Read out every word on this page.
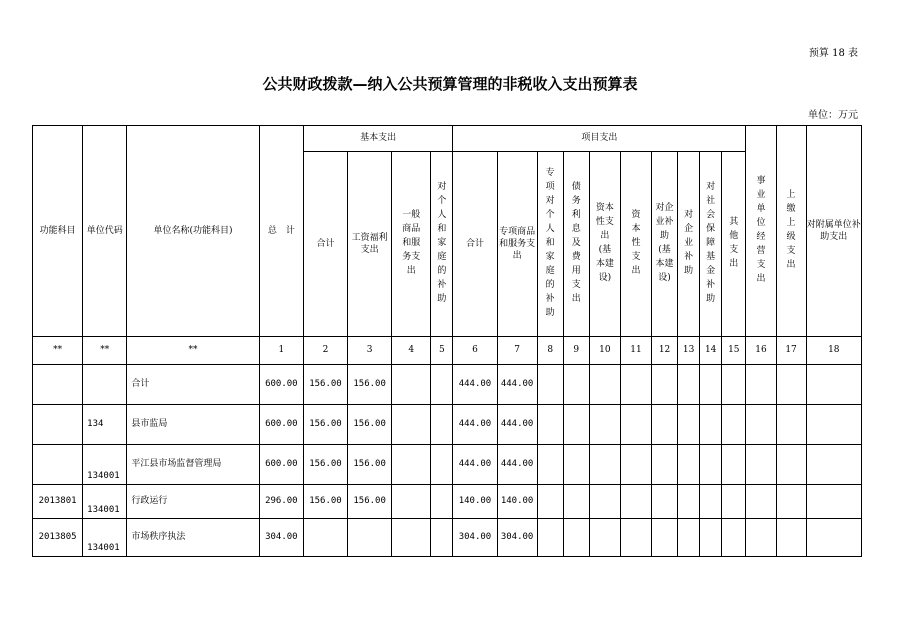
预算 18 表
公共财政拨款—纳入公共预算管理的非税收入支出预算表
单位：万元
功能科目	单位代码	单位名称(功能科目)	总　计	基本支出				项目支出										事业单位经营支出	上缴上级支出	对附属单位补助支出
				合计	工资福利支出	一般商品和服务支出	对个人和家庭的补助	合计	专项商品和服务支出	专项对个人和家庭的补助	债务利息及费用支出	资本性支出(基本建设)	资本性支出	对企业补助(基本建设)	对企业补助	对社会保障基金补助	其他支出			
**	**	**	1	2	3	4	5	6	7	8	9	10	11	12	13	14	15	16	17	18
		合计	600.00	156.00	156.00			444.00	444.00											
	134	县市监局	600.00	156.00	156.00			444.00	444.00											
	134001	平江县市场监督管理局	600.00	156.00	156.00			444.00	444.00											
2013801	134001	行政运行	296.00	156.00	156.00			140.00	140.00											
2013805	134001	市场秩序执法	304.00					304.00	304.00											
